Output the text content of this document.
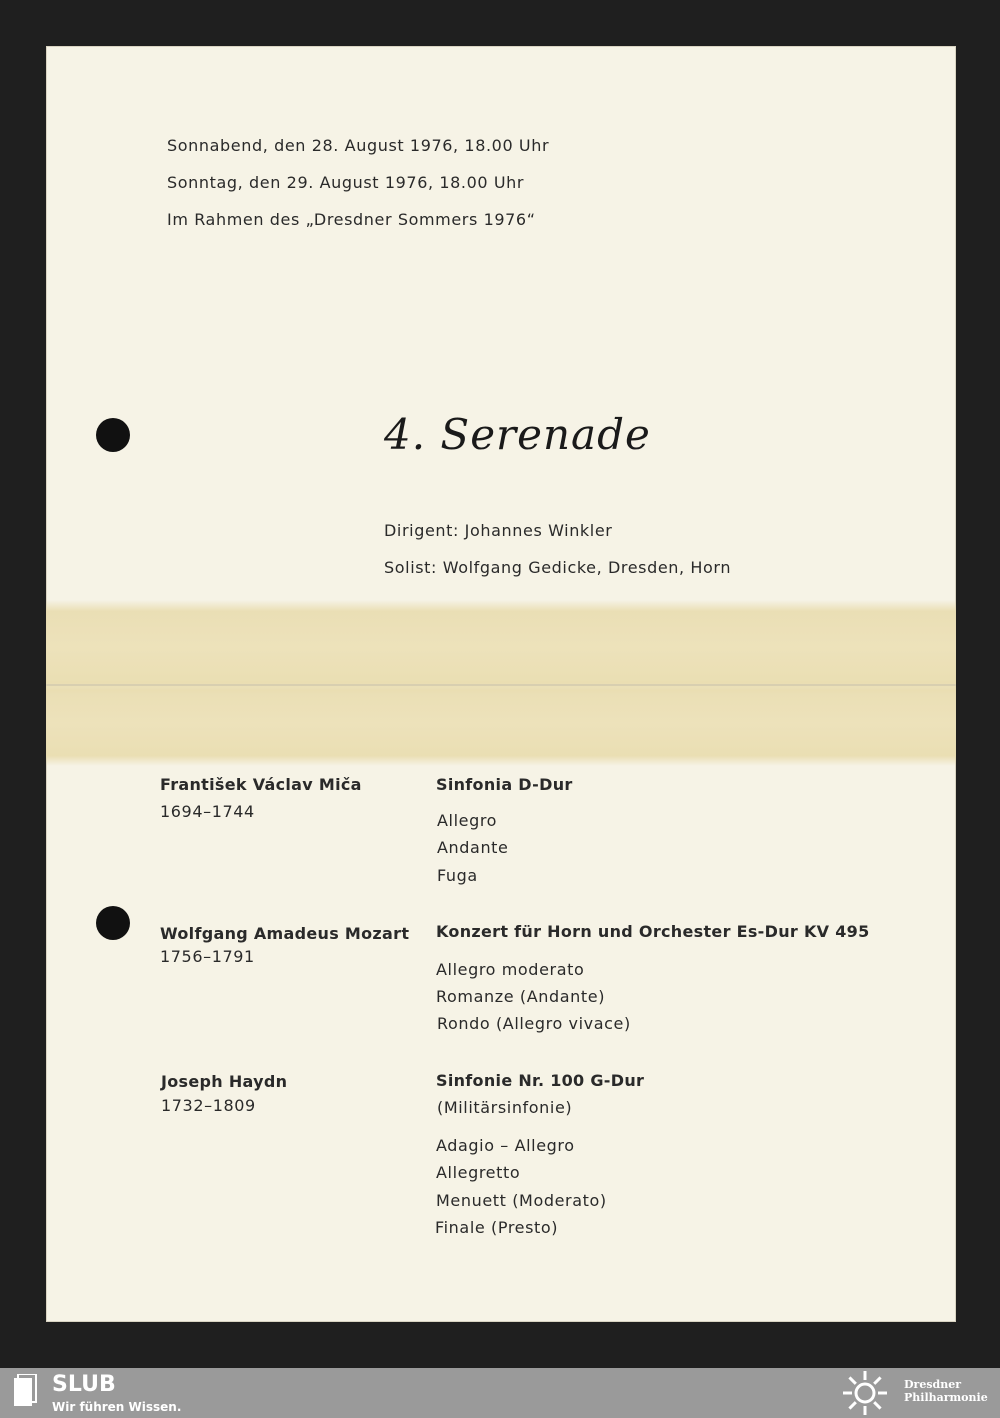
Sonnabend, den 28. August 1976, 18.00 Uhr
Sonntag, den 29. August 1976, 18.00 Uhr
Im Rahmen des „Dresdner Sommers 1976“
4. Serenade
Dirigent: Johannes Winkler
Solist: Wolfgang Gedicke, Dresden, Horn
František Václav Miča
1694–1744
Sinfonia D-Dur
Allegro
Andante
Fuga
Wolfgang Amadeus Mozart
1756–1791
Konzert für Horn und Orchester Es-Dur KV 495
Allegro moderato
Romanze (Andante)
Rondo (Allegro vivace)
Joseph Haydn
1732–1809
Sinfonie Nr. 100 G-Dur
(Militärsinfonie)
Adagio – Allegro
Allegretto
Menuett (Moderato)
Finale (Presto)
SLUB
Wir führen Wissen.
Dresdner
Philharmonie
